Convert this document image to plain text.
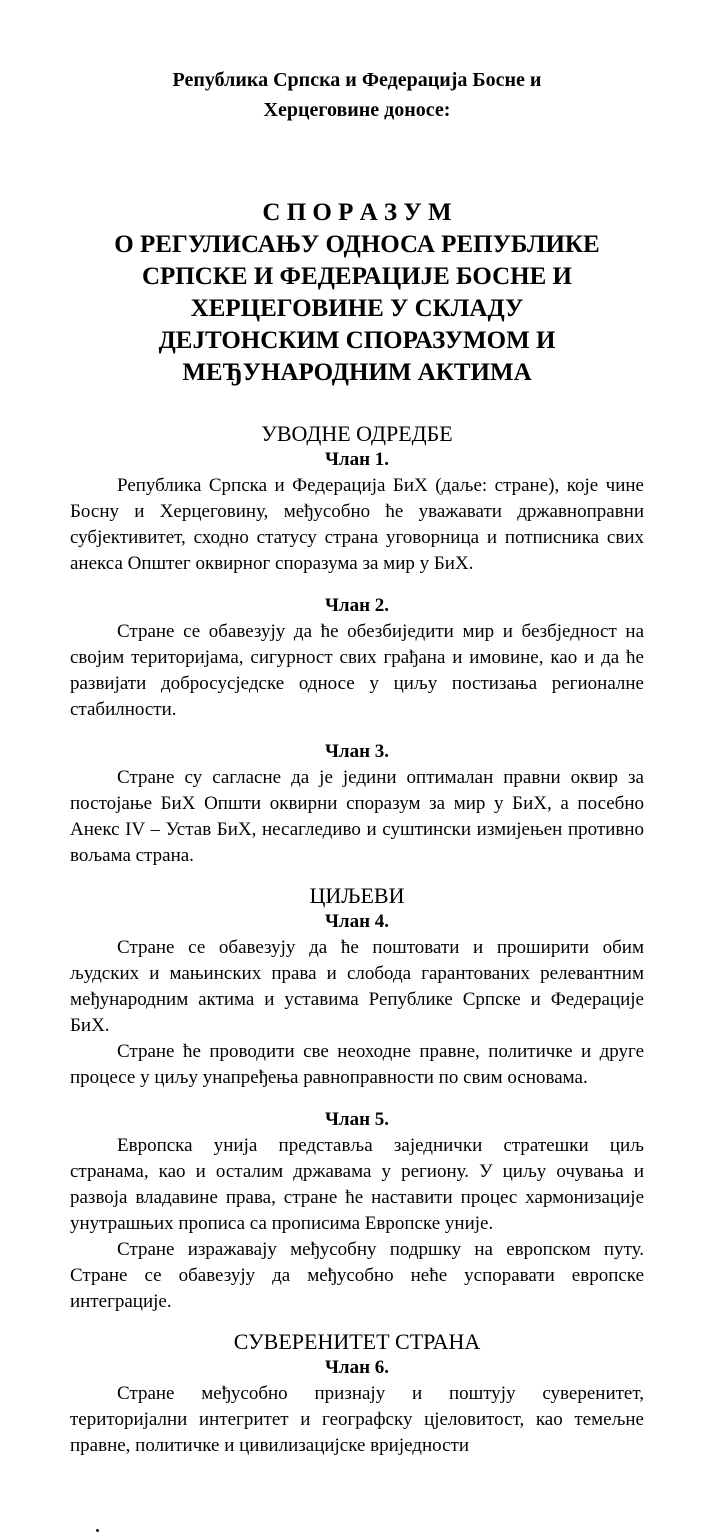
Република Српска и Федерација Босне и
Херцеговине доносе:
С П О Р А З У М
О РЕГУЛИСАЊУ ОДНОСА РЕПУБЛИКЕ
СРПСКЕ И ФЕДЕРАЦИЈЕ БОСНЕ И
ХЕРЦЕГОВИНЕ У СКЛАДУ
ДЕЈТОНСКИМ СПОРАЗУМОМ И
МЕЂУНАРОДНИМ АКТИМА
УВОДНЕ ОДРЕДБЕ
Члан 1.

Република Српска и Федерација БиХ (даље: стране), које чине Босну и Херцеговину, међусобно ће уважавати државноправни субјективитет, сходно статусу страна уговорница и потписника свих анекса Општег оквирног споразума за мир у БиХ.

Члан 2.

Стране се обавезују да ће обезбиједити мир и безбједност на својим територијама, сигурност свих грађана и имовине, као и да ће развијати добросусједске односе у циљу постизања регионалне стабилности.

Члан 3.

Стране су сагласне да је једини оптималан правни оквир за постојање БиХ Општи оквирни споразум за мир у БиХ, а посебно Анекс IV – Устав БиХ, несагледиво и суштински измијењен противно вољама страна.

ЦИЉЕВИ
Члан 4.

Стране се обавезују да ће поштовати и проширити обим људских и мањинских права и слобода гарантованих релевантним међународним актима и уставима Републике Српске и Федерације БиХ.

Стране ће проводити све неоходне правне, политичке и друге процесе у циљу унапређења равноправности по свим основама.

Члан 5.

Европска унија представља заједнички стратешки циљ странама, као и осталим државама у региону. У циљу очувања и развоја владавине права, стране ће наставити процес хармонизације унутрашњих прописа са прописима Европске уније.

Стране изражавају међусобну подршку на европском путу. Стране се обавезују да међусобно неће успоравати европске интеграције.

СУВЕРЕНИТЕТ СТРАНА
Члан 6.

Стране међусобно признају и поштују суверенитет, територијални интегритет и географску цјеловитост, као темељне правне, политичке и цивилизацијске вриједности
